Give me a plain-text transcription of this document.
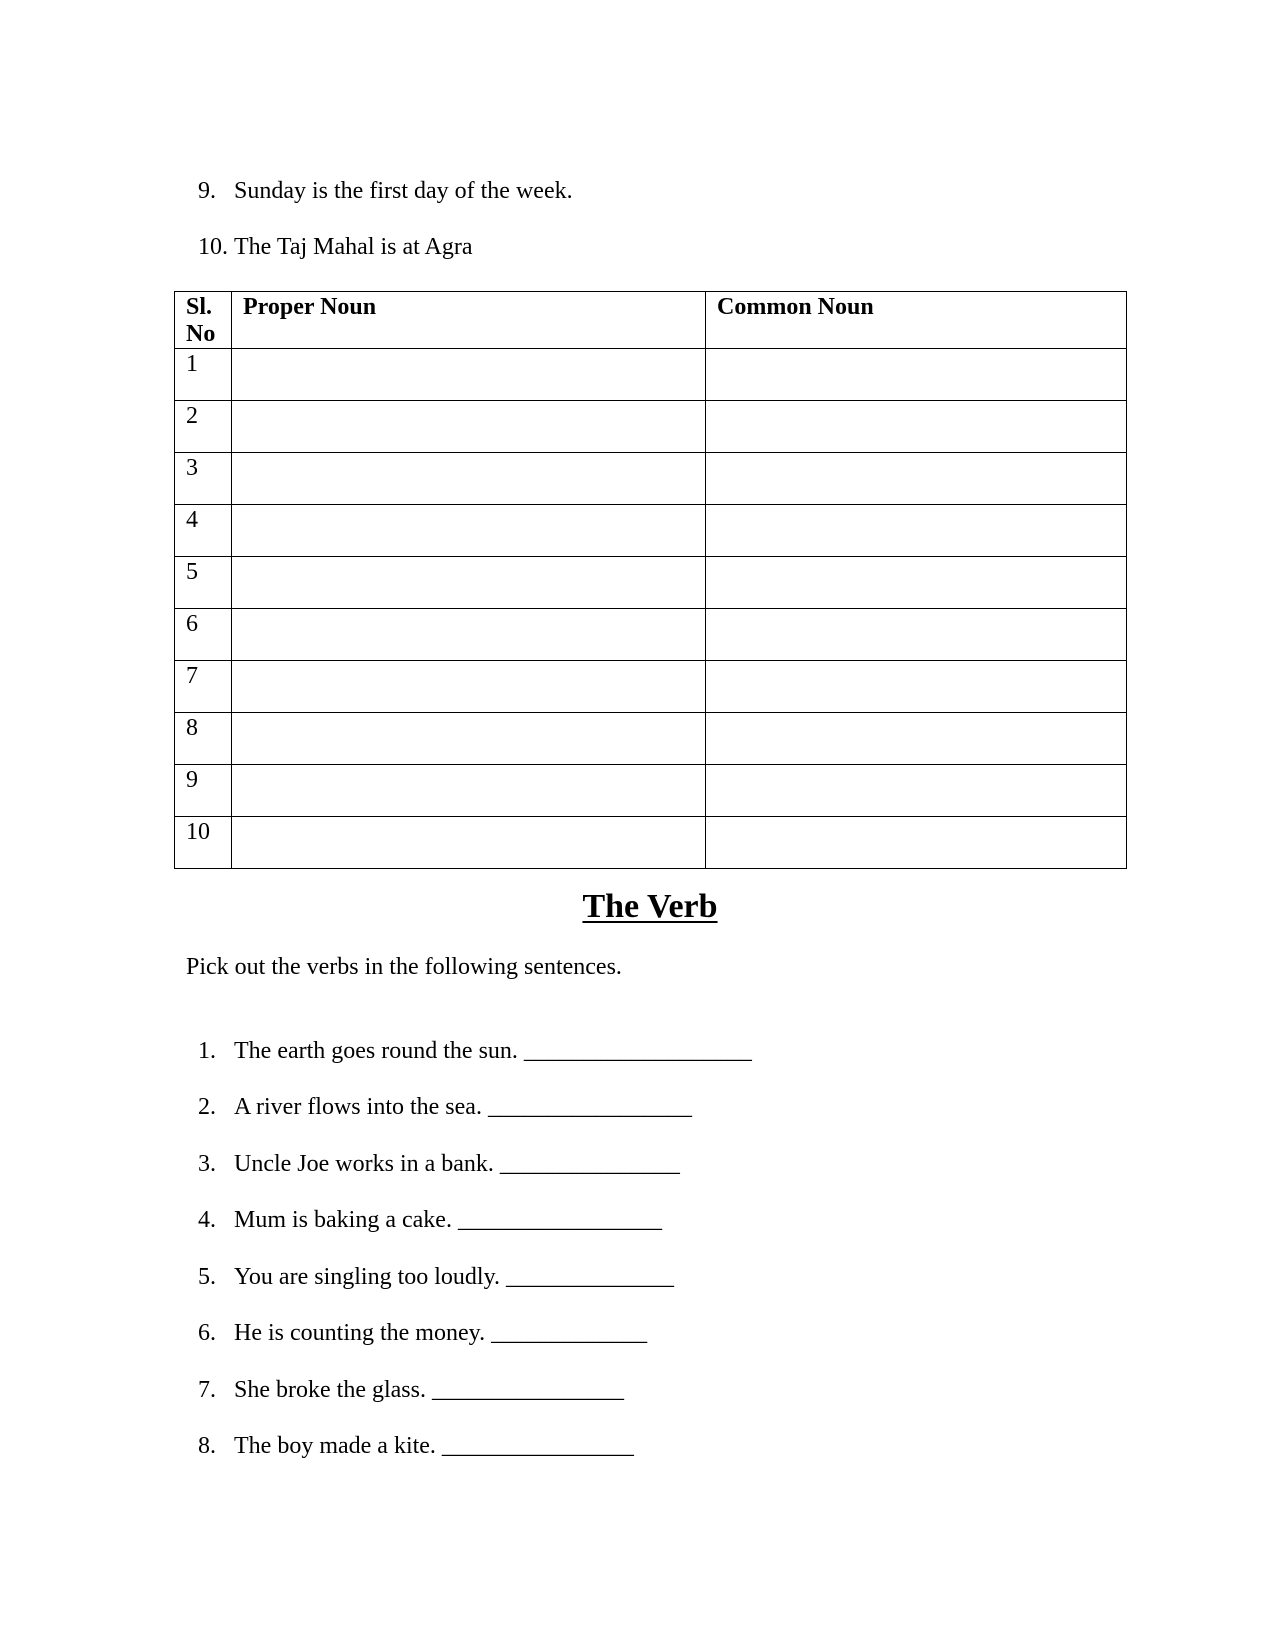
9. Sunday is the first day of the week.

10. The Taj Mahal is at Agra

Sl. No	Proper Noun	Common Noun
1		
2		
3		
4		
5		
6		
7		
8		
9		
10		
The Verb
Pick out the verbs in the following sentences.

1. The earth goes round the sun. ___________________

2. A river flows into the sea. _________________

3. Uncle Joe works in a bank. _______________

4. Mum is baking a cake. _________________

5. You are singling too loudly. ______________

6. He is counting the money. _____________

7. She broke the glass. ________________

8. The boy made a kite. ________________
